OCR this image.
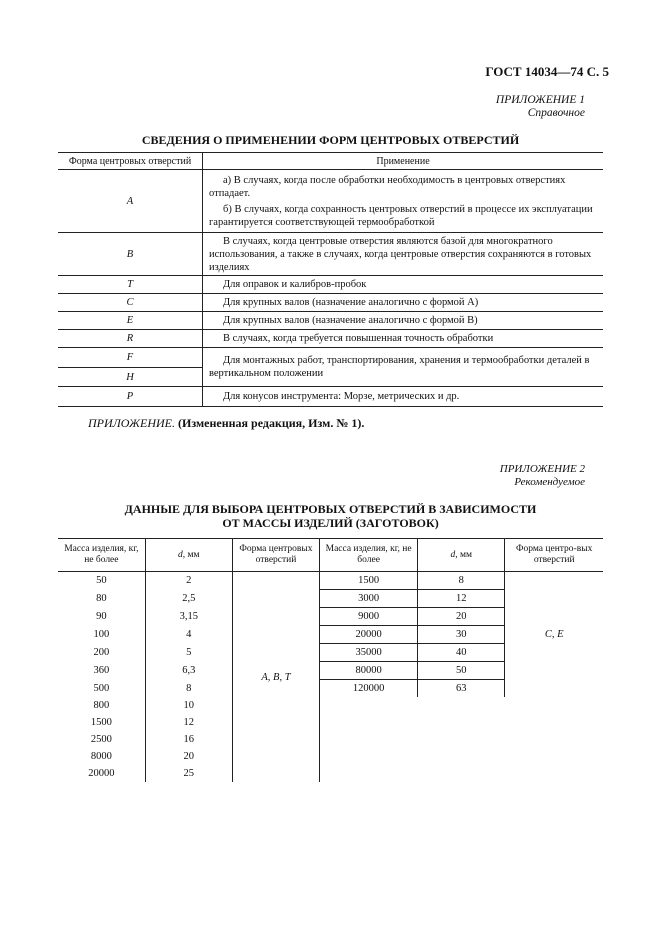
ГОСТ 14034—74 С. 5
ПРИЛОЖЕНИЕ 1
Справочное
СВЕДЕНИЯ О ПРИМЕНЕНИИ ФОРМ ЦЕНТРОВЫХ ОТВЕРСТИЙ
Форма центровых отверстий	Применение
A	а) В случаях, когда после обработки необходимость в центровых отверстиях отпадает.

б) В случаях, когда сохранность центровых отверстий в процессе их эксплуатации гарантируется соответствующей термообработкой

B	В случаях, когда центровые отверстия являются базой для многократного использования, а также в случаях, когда центровые отверстия сохраняются в готовых изделиях

T	Для оправок и калибров-пробок

C	Для крупных валов (назначение аналогично с формой А)

E	Для крупных валов (назначение аналогично с формой В)

R	В случаях, когда требуется повышенная точность обработки

F	Для монтажных работ, транспортирования, хранения и термообработки деталей в вертикальном положении

H	
P	Для конусов инструмента: Морзе, метрических и др.

ПРИЛОЖЕНИЕ. (Измененная редакция, Изм. № 1).
ПРИЛОЖЕНИЕ 2
Рекомендуемое
ДАННЫЕ ДЛЯ ВЫБОРА ЦЕНТРОВЫХ ОТВЕРСТИЙ В ЗАВИСИМОСТИ
ОТ МАССЫ ИЗДЕЛИЙ (ЗАГОТОВОК)
Масса изделия, кг, не более	d, мм	Форма центровых отверстий	Масса изделия, кг, не более	d, мм	Форма центро-вых отверстий
50	2	A, B, T	1500	8	C, E
80	2,5		3000	12	
90	3,15		9000	20	
100	4		20000	30	
200	5		35000	40	
360	6,3		80000	50	
500	8		120000	63	
800	10				
1500	12				
2500	16				
8000	20				
20000	25				
